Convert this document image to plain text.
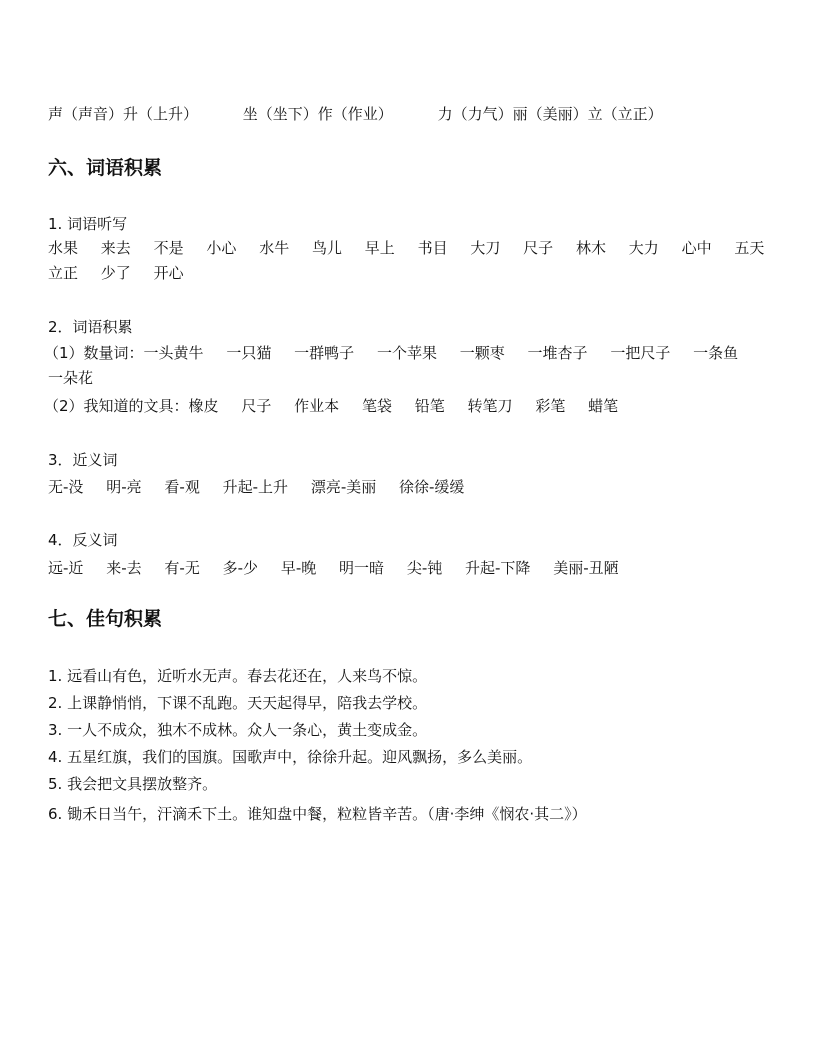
声（声音）升（上升）	坐（坐下）作（作业）	力（力气）丽（美丽）立（立正）
六、词语积累
1. 词语听写
水果 来去 不是 小心 水牛 鸟儿 早上 书目 大刀 尺子 林木 大力 心中 五天
立正 少了 开心
2．词语积累
（1）数量词：一头黄牛 一只猫 一群鸭子 一个苹果 一颗枣 一堆杏子 一把尺子 一条鱼
一朵花
（2）我知道的文具：橡皮 尺子 作业本 笔袋 铅笔 转笔刀 彩笔 蜡笔
3．近义词
无-没 明-亮 看-观 升起-上升 漂亮-美丽 徐徐-缓缓
4．反义词
远-近 来-去 有-无 多-少 早-晚 明一暗 尖-钝 升起-下降 美丽-丑陋
七、佳句积累
1. 远看山有色，近听水无声。春去花还在，人来鸟不惊。
2. 上课静悄悄，下课不乱跑。天天起得早，陪我去学校。
3. 一人不成众，独木不成林。众人一条心，黄土变成金。
4. 五星红旗，我们的国旗。国歌声中，徐徐升起。迎风飘扬，多么美丽。
5. 我会把文具摆放整齐。
6. 锄禾日当午，汗滴禾下土。谁知盘中餐，粒粒皆辛苦。（唐·李绅《悯农·其二》）
